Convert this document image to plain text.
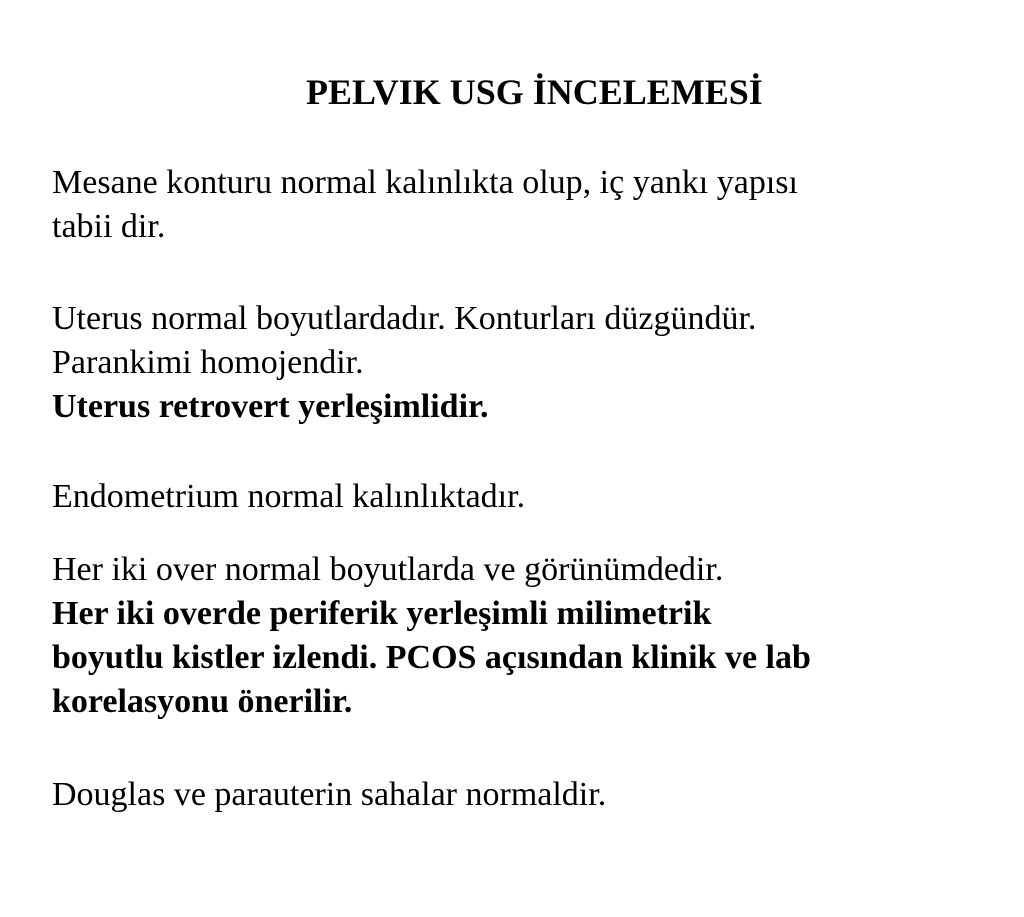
PELVIK USG İNCELEMESİ

Mesane konturu normal kalınlıkta olup, iç yankı yapısı
tabii dir.

Uterus normal boyutlardadır. Konturları düzgündür.
Parankimi homojendir.
Uterus retrovert yerleşimlidir.

Endometrium normal kalınlıktadır.

Her iki over normal boyutlarda ve görünümdedir.
Her iki overde periferik yerleşimli milimetrik
boyutlu kistler izlendi. PCOS açısından klinik ve lab
korelasyonu önerilir.

Douglas ve parauterin sahalar normaldir.
